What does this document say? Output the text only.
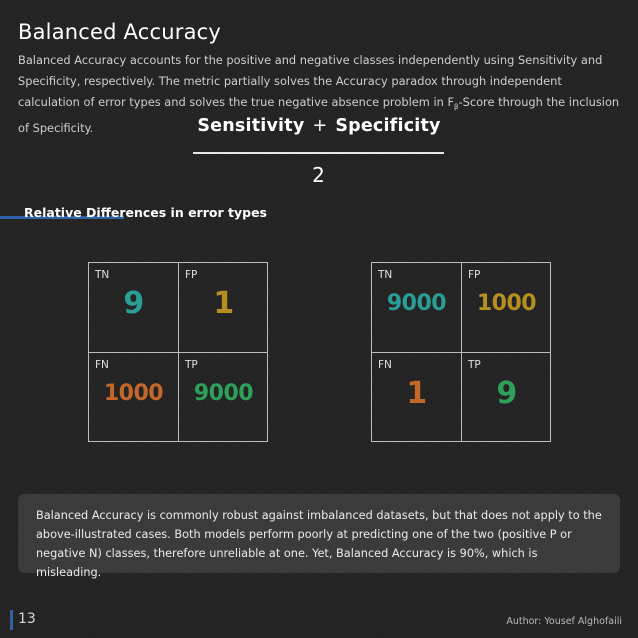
Balanced Accuracy
Balanced Accuracy accounts for the positive and negative classes independently using Sensitivity and Specificity, respectively. The metric partially solves the Accuracy paradox through independent calculation of error types and solves the true negative absence problem in $F_\beta$-Score through the inclusion of Specificity.	Sensitivity + Specificity
2
Relative Differences in error types
TN
9
FP
1
FN
1000
TP
9000
TN
9000
FP
1000
FN
1
TP
9
Balanced Accuracy is commonly robust against imbalanced datasets, but that does not apply to the above-illustrated cases. Both models perform poorly at predicting one of the two (positive P or negative N) classes, therefore unreliable at one. Yet, Balanced Accuracy is 90%, which is misleading.
13	Author: Yousef Alghofaili
